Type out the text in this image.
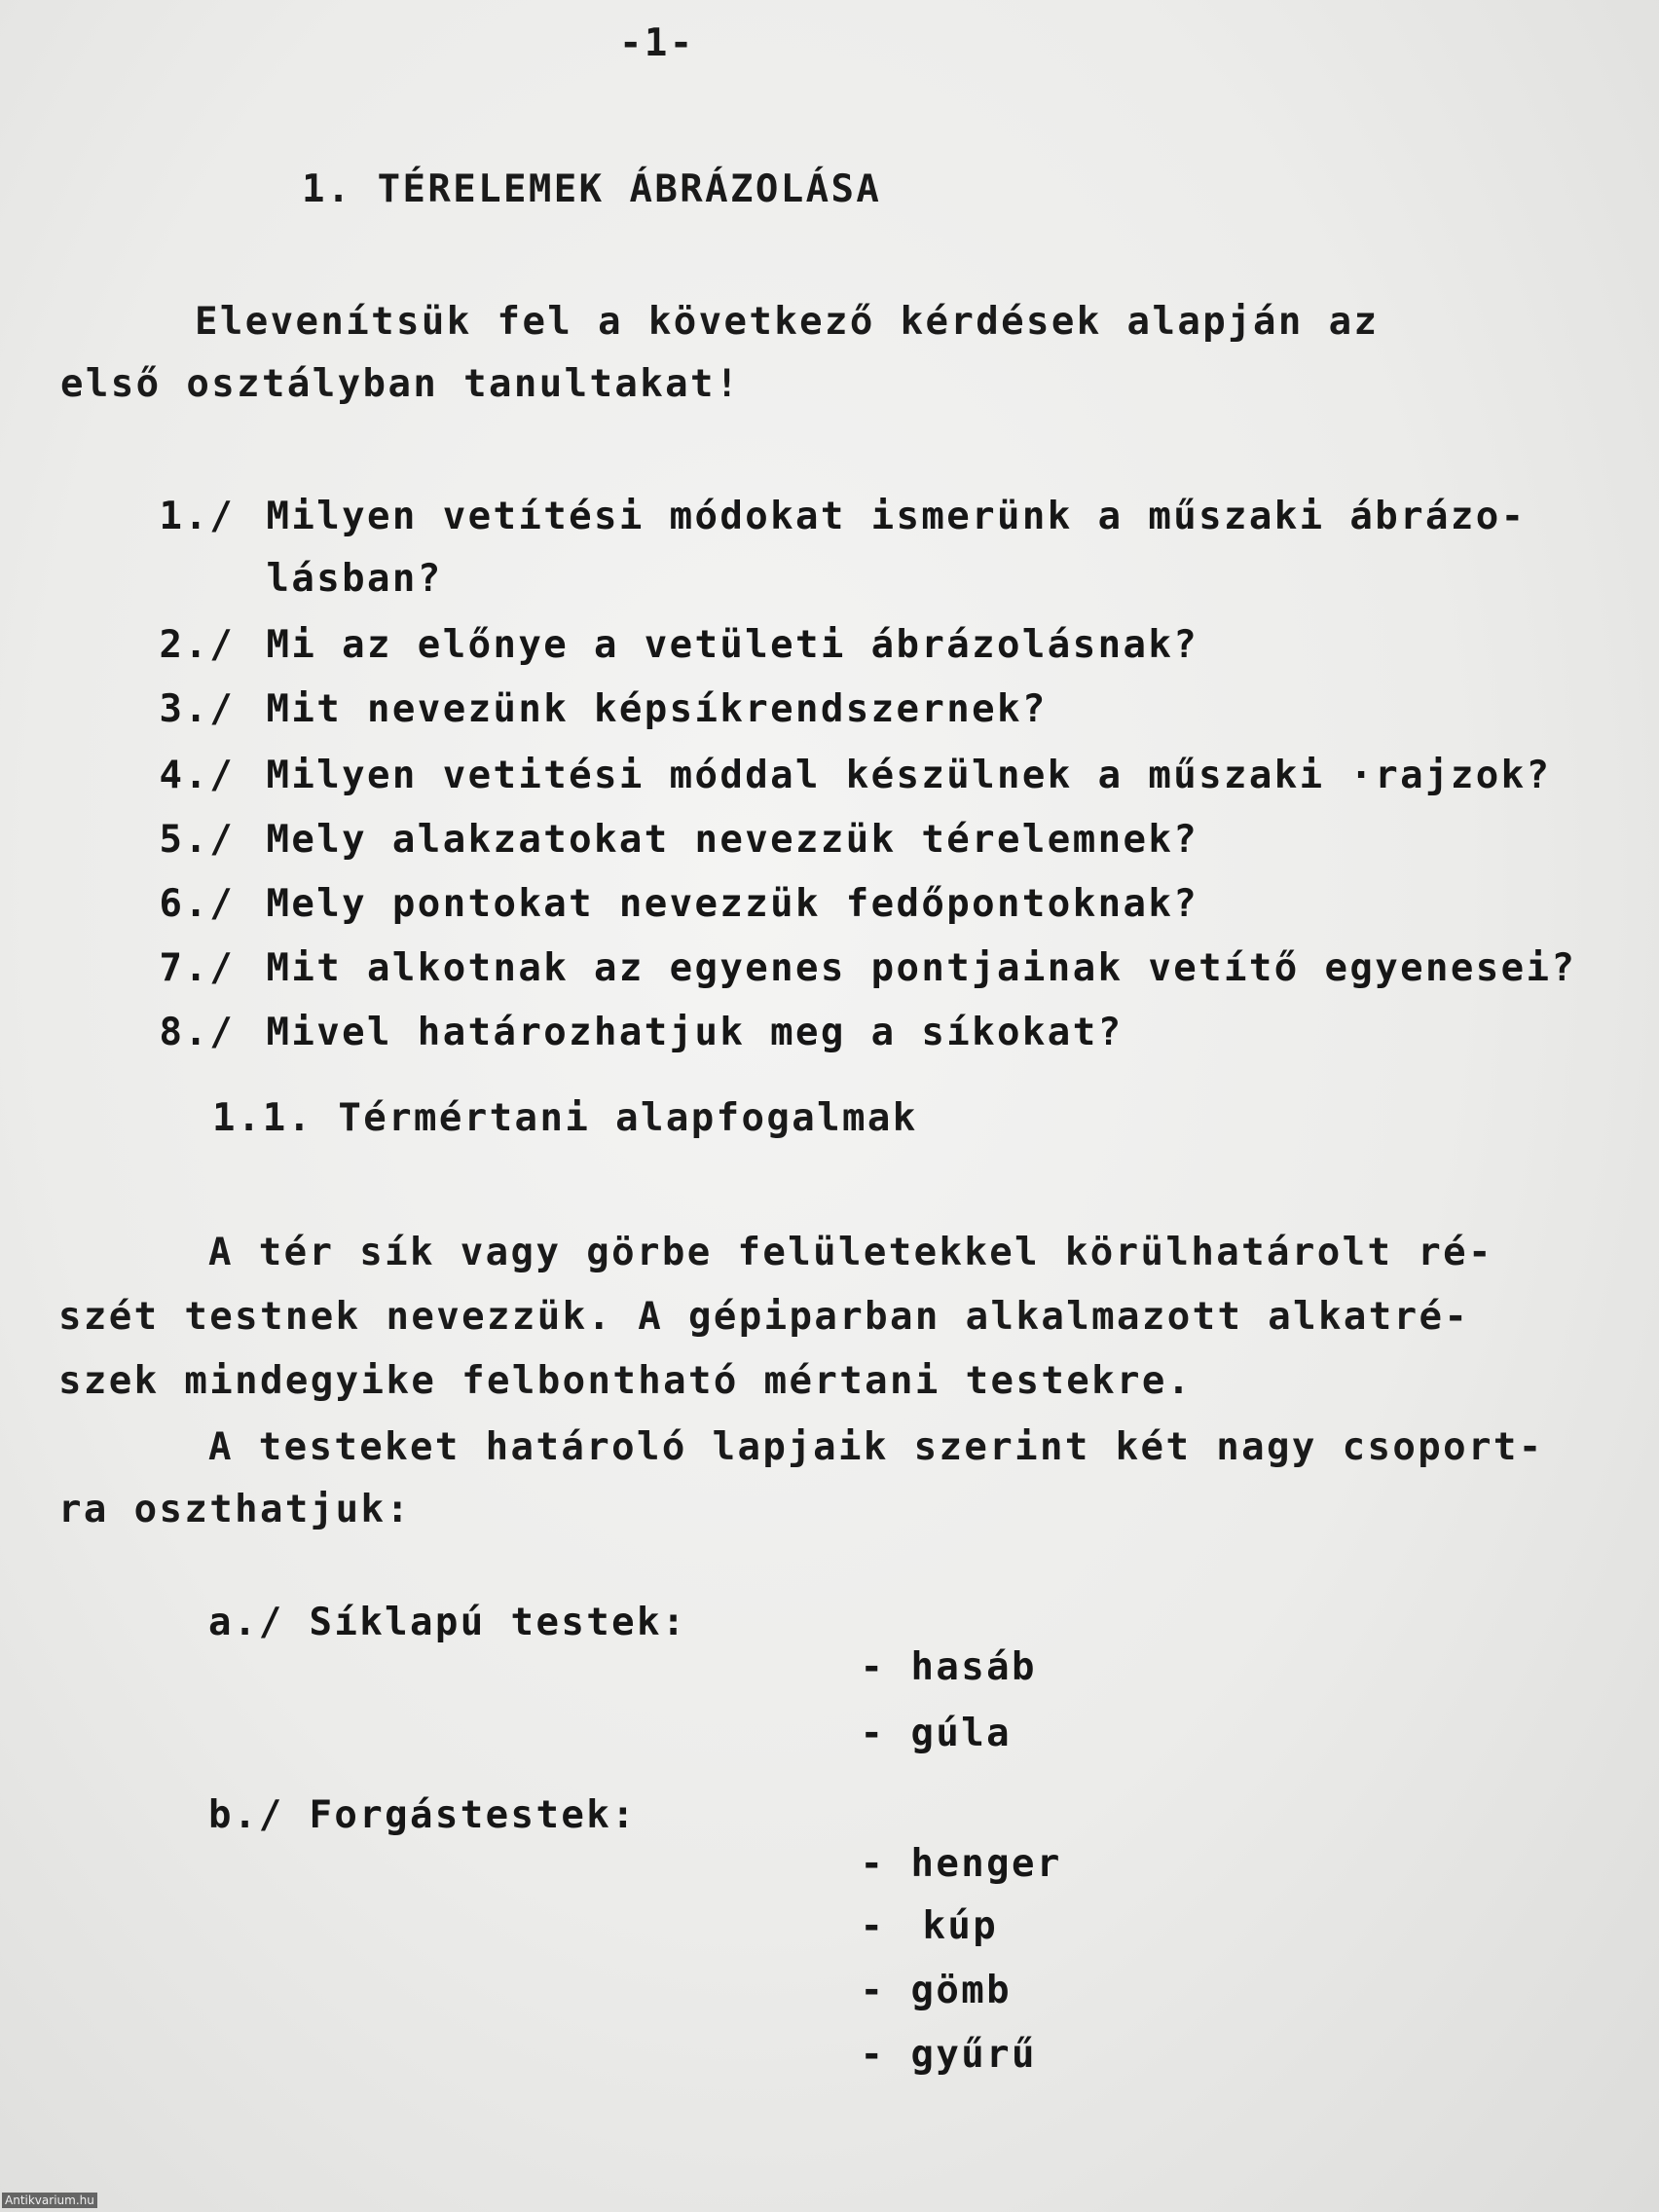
-1-
1. TÉRELEMEK ÁBRÁZOLÁSA
Elevenítsük fel a következő kérdések alapján az
első osztályban tanultakat!

1./ Milyen vetítési módokat ismerünk a műszaki ábrázo-

lásban?

2./ Mi az előnye a vetületi ábrázolásnak?

3./ Mit nevezünk képsíkrendszernek?

4./ Milyen vetitési móddal készülnek a műszaki ·rajzok?

5./ Mely alakzatokat nevezzük térelemnek?

6./ Mely pontokat nevezzük fedőpontoknak?

7./ Mit alkotnak az egyenes pontjainak vetítő egyenesei?

8./ Mivel határozhatjuk meg a síkokat?

1.1. Térmértani alapfogalmak
A tér sík vagy görbe felületekkel körülhatárolt ré-
szét testnek nevezzük. A gépiparban alkalmazott alkatré-
szek mindegyike felbontható mértani testekre.
A testeket határoló lapjaik szerint két nagy csoport-
ra oszthatjuk:
a./ Síklapú testek:

- hasáb

- gúla

b./ Forgástestek:

- henger

- kúp

- gömb

- gyűrű

Antikvarium.hu
